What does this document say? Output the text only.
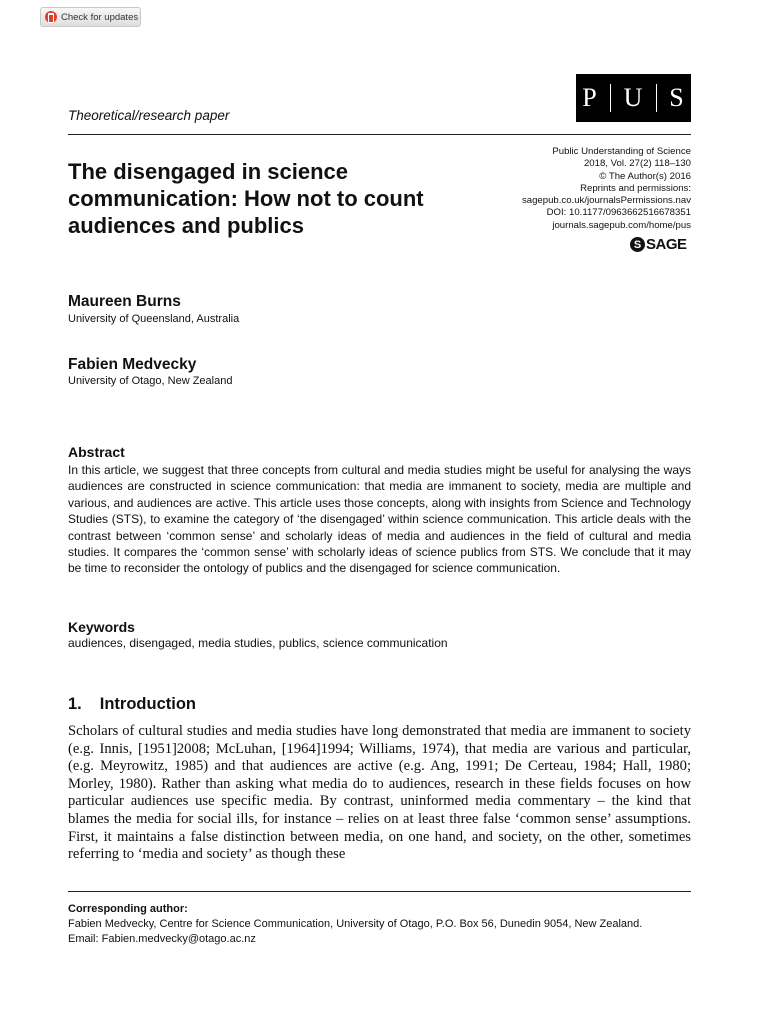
Check for updates
P U S
Theoretical/research paper
The disengaged in science communication: How not to count audiences and publics
Public Understanding of Science
2018, Vol. 27(2) 118–130
© The Author(s) 2016
Reprints and permissions:
sagepub.co.uk/journalsPermissions.nav
DOI: 10.1177/0963662516678351
journals.sagepub.com/home/pus
S SAGE
Maureen Burns
University of Queensland, Australia
Fabien Medvecky
University of Otago, New Zealand
Abstract

In this article, we suggest that three concepts from cultural and media studies might be useful for analysing the ways audiences are constructed in science communication: that media are immanent to society, media are multiple and various, and audiences are active. This article uses those concepts, along with insights from Science and Technology Studies (STS), to examine the category of ‘the disengaged’ within science communication. This article deals with the contrast between ‘common sense’ and scholarly ideas of media and audiences in the field of cultural and media studies. It compares the ‘common sense’ with scholarly ideas of science publics from STS. We conclude that it may be time to reconsider the ontology of publics and the disengaged for science communication.

Keywords
audiences, disengaged, media studies, publics, science communication
1. Introduction

Scholars of cultural studies and media studies have long demonstrated that media are immanent to society (e.g. Innis, [1951]2008; McLuhan, [1964]1994; Williams, 1974), that media are various and particular, (e.g. Meyrowitz, 1985) and that audiences are active (e.g. Ang, 1991; De Certeau, 1984; Hall, 1980; Morley, 1980). Rather than asking what media do to audiences, research in these fields focuses on how particular audiences use specific media. By contrast, uninformed media commentary – the kind that blames the media for social ills, for instance – relies on at least three false ‘common sense’ assumptions. First, it maintains a false distinction between media, on one hand, and society, on the other, sometimes referring to ‘media and society’ as though these

Corresponding author:
Fabien Medvecky, Centre for Science Communication, University of Otago, P.O. Box 56, Dunedin 9054, New Zealand.
Email: Fabien.medvecky@otago.ac.nz
